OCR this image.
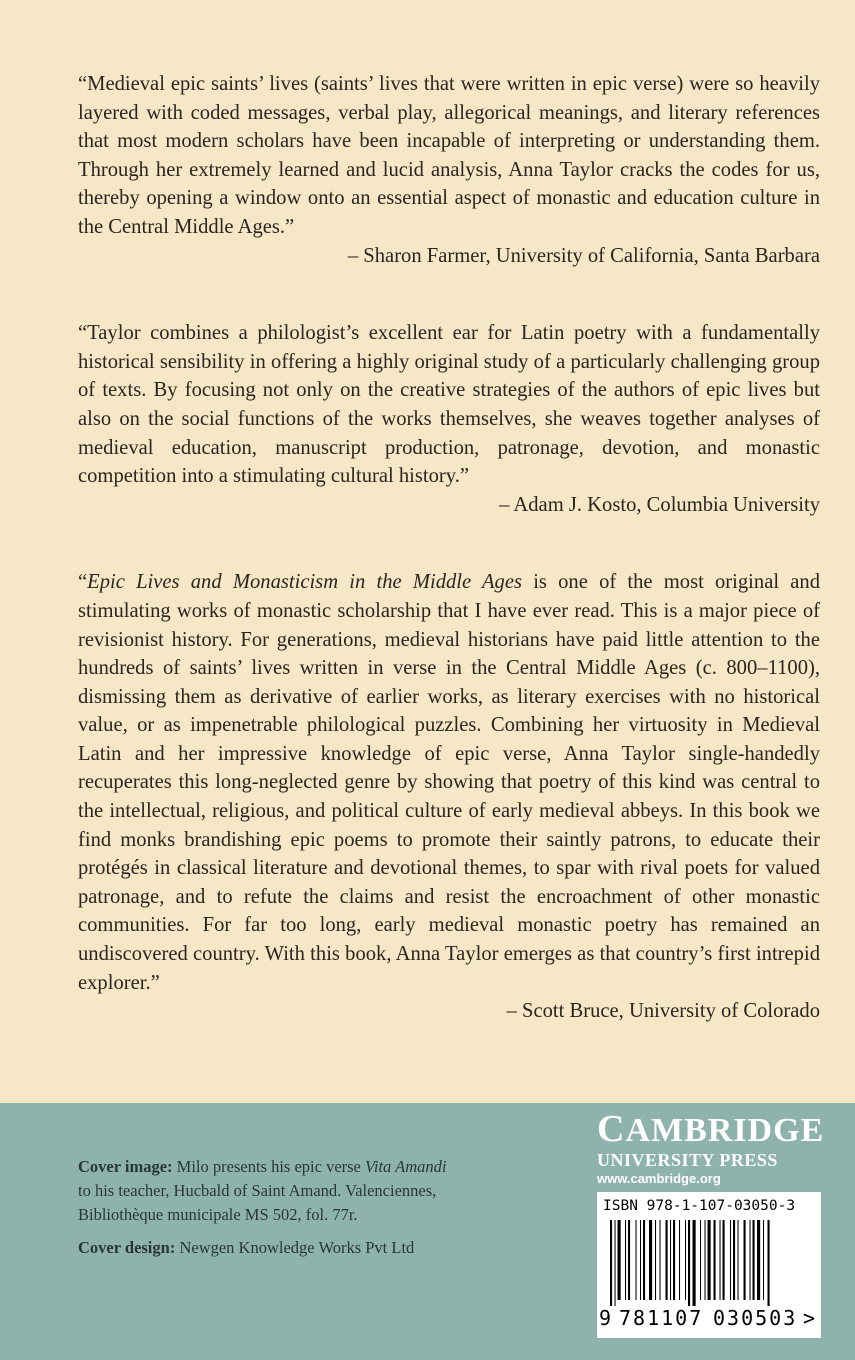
“Medieval epic saints’ lives (saints’ lives that were written in epic verse) were so heavily layered with coded messages, verbal play, allegorical meanings, and literary references that most modern scholars have been incapable of interpreting or understanding them. Through her extremely learned and lucid analysis, Anna Taylor cracks the codes for us, thereby opening a window onto an essential aspect of monastic and education culture in the Central Middle Ages.”

– Sharon Farmer, University of California, Santa Barbara

“Taylor combines a philologist’s excellent ear for Latin poetry with a fundamentally historical sensibility in offering a highly original study of a particularly challenging group of texts. By focusing not only on the creative strategies of the authors of epic lives but also on the social functions of the works themselves, she weaves together analyses of medieval education, manuscript production, patronage, devotion, and monastic competition into a stimulating cultural history.”

– Adam J. Kosto, Columbia University

“Epic Lives and Monasticism in the Middle Ages is one of the most original and stimulating works of monastic scholarship that I have ever read. This is a major piece of revisionist history. For generations, medieval historians have paid little attention to the hundreds of saints’ lives written in verse in the Central Middle Ages (c. 800–1100), dismissing them as derivative of earlier works, as literary exercises with no historical value, or as impenetrable philological puzzles. Combining her virtuosity in Medieval Latin and her impressive knowledge of epic verse, Anna Taylor single-handedly recuperates this long-neglected genre by showing that poetry of this kind was central to the intellectual, religious, and political culture of early medieval abbeys. In this book we find monks brandishing epic poems to promote their saintly patrons, to educate their protégés in classical literature and devotional themes, to spar with rival poets for valued patronage, and to refute the claims and resist the encroachment of other monastic communities. For far too long, early medieval monastic poetry has remained an undiscovered country. With this book, Anna Taylor emerges as that country’s first intrepid explorer.”

– Scott Bruce, University of Colorado

Cover image: Milo presents his epic verse Vita Amandi to his teacher, Hucbald of Saint Amand. Valenciennes, Bibliothèque municipale MS 502, fol. 77r.

Cover design: Newgen Knowledge Works Pvt Ltd

CAMBRIDGE
UNIVERSITY PRESS
www.cambridge.org
ISBN 978-1-107-03050-3
9 781107 030503 >
